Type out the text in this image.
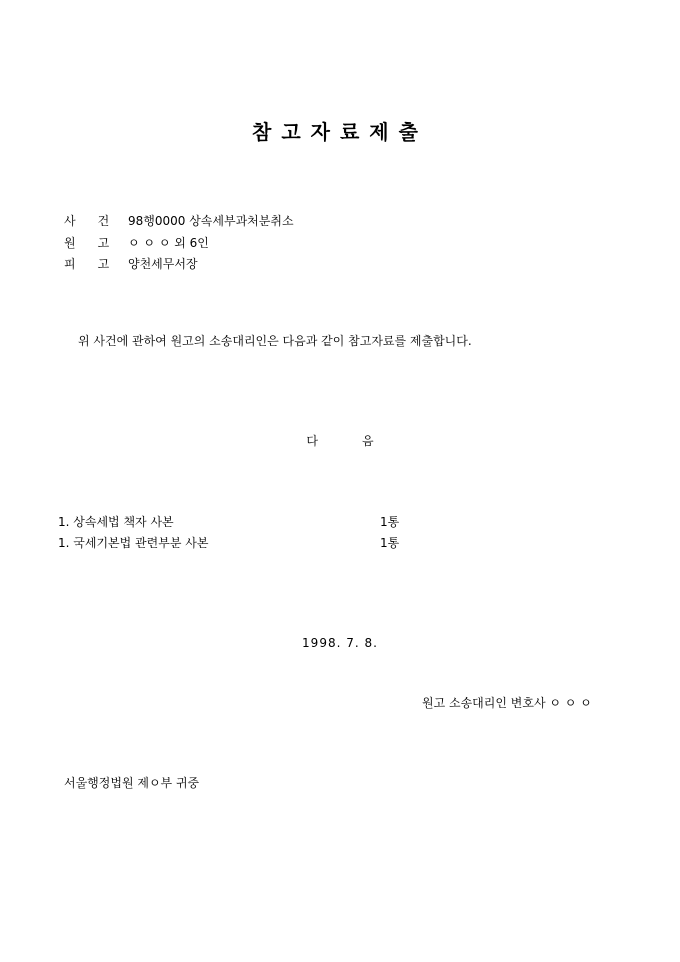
참고자료제출
사건98행0000 상속세부과처분취소
원고ㅇ ㅇ ㅇ 외 6인
피고양천세무서장
위 사건에 관하여 원고의 소송대리인은 다음과 같이 참고자료를 제출합니다.
다음
1. 상속세법 책자 사본	1통
1. 국세기본법 관련부분 사본	1통
1998. 7. 8.
원고 소송대리인 변호사 ㅇ ㅇ ㅇ
서울행정법원 제ㅇ부 귀중
